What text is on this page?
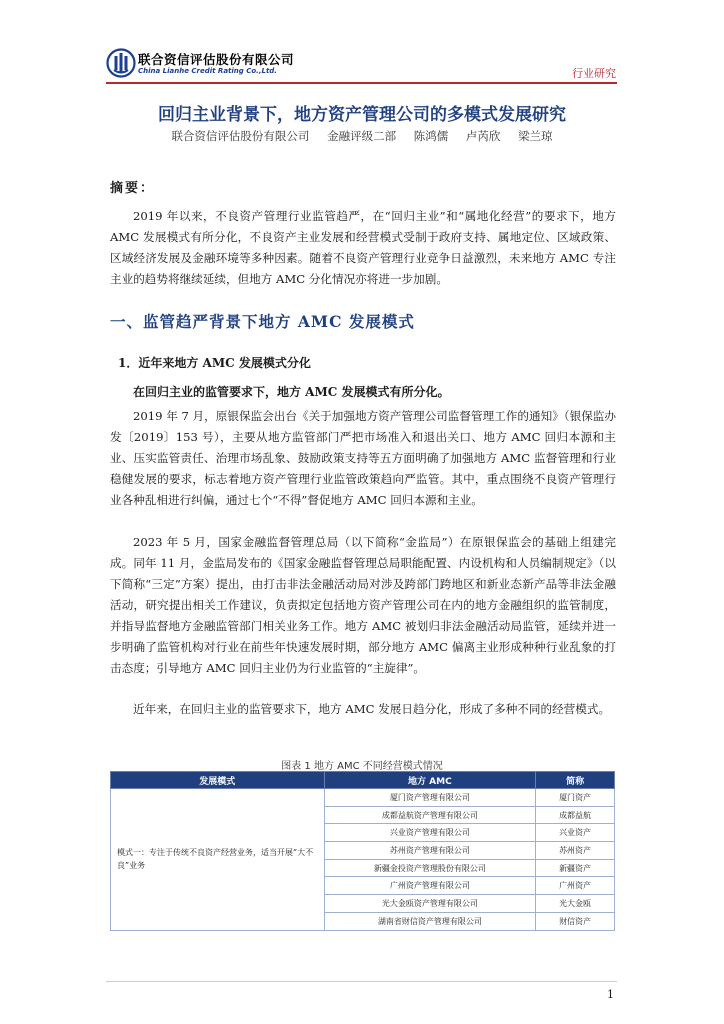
联合资信评估股份有限公司
China Lianhe Credit Rating Co.,Ltd.	行业研究
回归主业背景下，地方资产管理公司的多模式发展研究
联合资信评估股份有限公司 金融评级二部 陈鸿儒 卢芮欣 梁兰琼
摘要：

2019 年以来，不良资产管理行业监管趋严，在“回归主业”和“属地化经营”的要求下，地方 AMC 发展模式有所分化，不良资产主业发展和经营模式受制于政府支持、属地定位、区域政策、区域经济发展及金融环境等多种因素。随着不良资产管理行业竞争日益激烈，未来地方 AMC 专注主业的趋势将继续延续，但地方 AMC 分化情况亦将进一步加剧。

一、监管趋严背景下地方 AMC 发展模式
1．近年来地方 AMC 发展模式分化
在回归主业的监管要求下，地方 AMC 发展模式有所分化。

2019 年 7 月，原银保监会出台《关于加强地方资产管理公司监督管理工作的通知》（银保监办发〔2019〕153 号），主要从地方监管部门严把市场准入和退出关口、地方 AMC 回归本源和主业、压实监管责任、治理市场乱象、鼓励政策支持等五方面明确了加强地方 AMC 监督管理和行业稳健发展的要求，标志着地方资产管理行业监管政策趋向严监管。其中，重点围绕不良资产管理行业各种乱相进行纠偏，通过七个“不得”督促地方 AMC 回归本源和主业。

2023 年 5 月，国家金融监督管理总局（以下简称“金监局”）在原银保监会的基础上组建完成。同年 11 月，金监局发布的《国家金融监督管理总局职能配置、内设机构和人员编制规定》（以下简称“三定”方案）提出，由打击非法金融活动局对涉及跨部门跨地区和新业态新产品等非法金融活动，研究提出相关工作建议，负责拟定包括地方资产管理公司在内的地方金融组织的监管制度，并指导监督地方金融监管部门相关业务工作。地方 AMC 被划归非法金融活动局监管，延续并进一步明确了监管机构对行业在前些年快速发展时期，部分地方 AMC 偏离主业形成种种行业乱象的打击态度；引导地方 AMC 回归主业仍为行业监管的“主旋律”。

近年来，在回归主业的监管要求下，地方 AMC 发展日趋分化，形成了多种不同的经营模式。

图表 1 地方 AMC 不同经营模式情况
发展模式	地方 AMC	简称
模式一：专注于传统不良资产经营业务，适当开展“大不良”业务	厦门资产管理有限公司	厦门资产
	成都益航资产管理有限公司	成都益航
	兴业资产管理有限公司	兴业资产
	苏州资产管理有限公司	苏州资产
	新疆金投资产管理股份有限公司	新疆资产
	广州资产管理有限公司	广州资产
	光大金瓯资产管理有限公司	光大金瓯
	湖南省财信资产管理有限公司	财信资产
1
